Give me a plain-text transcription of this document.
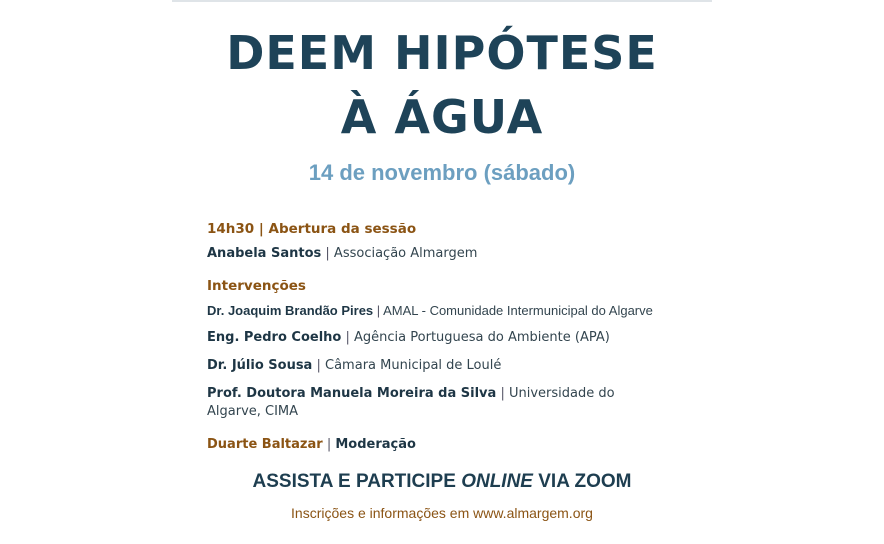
DEEM HIPÓTESE
À ÁGUA
14 de novembro (sábado)
14h30 | Abertura da sessão
Anabela Santos | Associação Almargem
Intervenções
Dr. Joaquim Brandão Pires | AMAL - Comunidade Intermunicipal do Algarve
Eng. Pedro Coelho | Agência Portuguesa do Ambiente (APA)
Dr. Júlio Sousa | Câmara Municipal de Loulé
Prof. Doutora Manuela Moreira da Silva | Universidade do Algarve, CIMA
Duarte Baltazar | Moderação
ASSISTA E PARTICIPE ONLINE VIA ZOOM
Inscrições e informações em www.almargem.org
